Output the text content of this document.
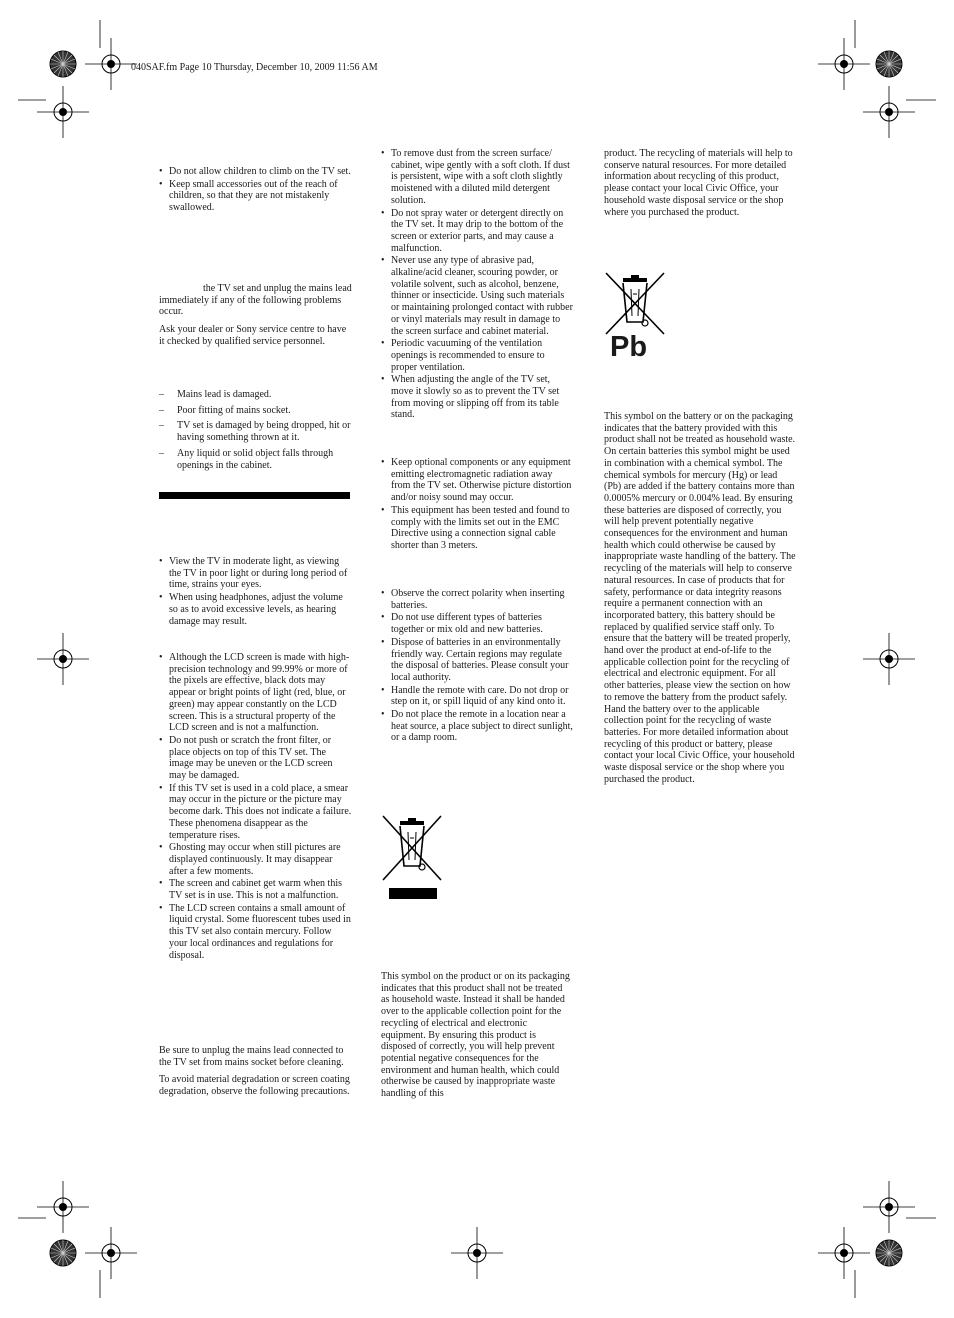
040SAF.fm Page 10 Thursday, December 10, 2009 11:56 AM
• Do not allow children to climb on the TV set.
• Keep small accessories out of the reach of children, so that they are not mistakenly swallowed.

the TV set and unplug the mains lead immediately if any of the following problems occur.

Ask your dealer or Sony service centre to have it checked by qualified service personnel.

– Mains lead is damaged.
– Poor fitting of mains socket.
– TV set is damaged by being dropped, hit or having something thrown at it.
– Any liquid or solid object falls through openings in the cabinet.
• View the TV in moderate light, as viewing the TV in poor light or during long period of time, strains your eyes.
• When using headphones, adjust the volume so as to avoid excessive levels, as hearing damage may result.
• Although the LCD screen is made with high-precision technology and 99.99% or more of the pixels are effective, black dots may appear or bright points of light (red, blue, or green) may appear constantly on the LCD screen. This is a structural property of the LCD screen and is not a malfunction.
• Do not push or scratch the front filter, or place objects on top of this TV set. The image may be uneven or the LCD screen may be damaged.
• If this TV set is used in a cold place, a smear may occur in the picture or the picture may become dark. This does not indicate a failure. These phenomena disappear as the temperature rises.
• Ghosting may occur when still pictures are displayed continuously. It may disappear after a few moments.
• The screen and cabinet get warm when this TV set is in use. This is not a malfunction.
• The LCD screen contains a small amount of liquid crystal. Some fluorescent tubes used in this TV set also contain mercury. Follow your local ordinances and regulations for disposal.

Be sure to unplug the mains lead connected to the TV set from mains socket before cleaning.

To avoid material degradation or screen coating degradation, observe the following precautions.

• To remove dust from the screen surface/ cabinet, wipe gently with a soft cloth. If dust is persistent, wipe with a soft cloth slightly moistened with a diluted mild detergent solution.
• Do not spray water or detergent directly on the TV set. It may drip to the bottom of the screen or exterior parts, and may cause a malfunction.
• Never use any type of abrasive pad, alkaline/acid cleaner, scouring powder, or volatile solvent, such as alcohol, benzene, thinner or insecticide. Using such materials or maintaining prolonged contact with rubber or vinyl materials may result in damage to the screen surface and cabinet material.
• Periodic vacuuming of the ventilation openings is recommended to ensure to proper ventilation.
• When adjusting the angle of the TV set, move it slowly so as to prevent the TV set from moving or slipping off from its table stand.
• Keep optional components or any equipment emitting electromagnetic radiation away from the TV set. Otherwise picture distortion and/or noisy sound may occur.
• This equipment has been tested and found to comply with the limits set out in the EMC Directive using a connection signal cable shorter than 3 meters.
• Observe the correct polarity when inserting batteries.
• Do not use different types of batteries together or mix old and new batteries.
• Dispose of batteries in an environmentally friendly way. Certain regions may regulate the disposal of batteries. Please consult your local authority.
• Handle the remote with care. Do not drop or step on it, or spill liquid of any kind onto it.
• Do not place the remote in a location near a heat source, a place subject to direct sunlight, or a damp room.

This symbol on the product or on its packaging indicates that this product shall not be treated as household waste. Instead it shall be handed over to the applicable collection point for the recycling of electrical and electronic equipment. By ensuring this product is disposed of correctly, you will help prevent potential negative consequences for the environment and human health, which could otherwise be caused by inappropriate waste handling of this

product. The recycling of materials will help to conserve natural resources. For more detailed information about recycling of this product, please contact your local Civic Office, your household waste disposal service or the shop where you purchased the product.

Pb

This symbol on the battery or on the packaging indicates that the battery provided with this product shall not be treated as household waste. On certain batteries this symbol might be used in combination with a chemical symbol. The chemical symbols for mercury (Hg) or lead (Pb) are added if the battery contains more than 0.0005% mercury or 0.004% lead. By ensuring these batteries are disposed of correctly, you will help prevent potentially negative consequences for the environment and human health which could otherwise be caused by inappropriate waste handling of the battery. The recycling of the materials will help to conserve natural resources. In case of products that for safety, performance or data integrity reasons require a permanent connection with an incorporated battery, this battery should be replaced by qualified service staff only. To ensure that the battery will be treated properly, hand over the product at end-of-life to the applicable collection point for the recycling of electrical and electronic equipment. For all other batteries, please view the section on how to remove the battery from the product safely. Hand the battery over to the applicable collection point for the recycling of waste batteries. For more detailed information about recycling of this product or battery, please contact your local Civic Office, your household waste disposal service or the shop where you purchased the product.
